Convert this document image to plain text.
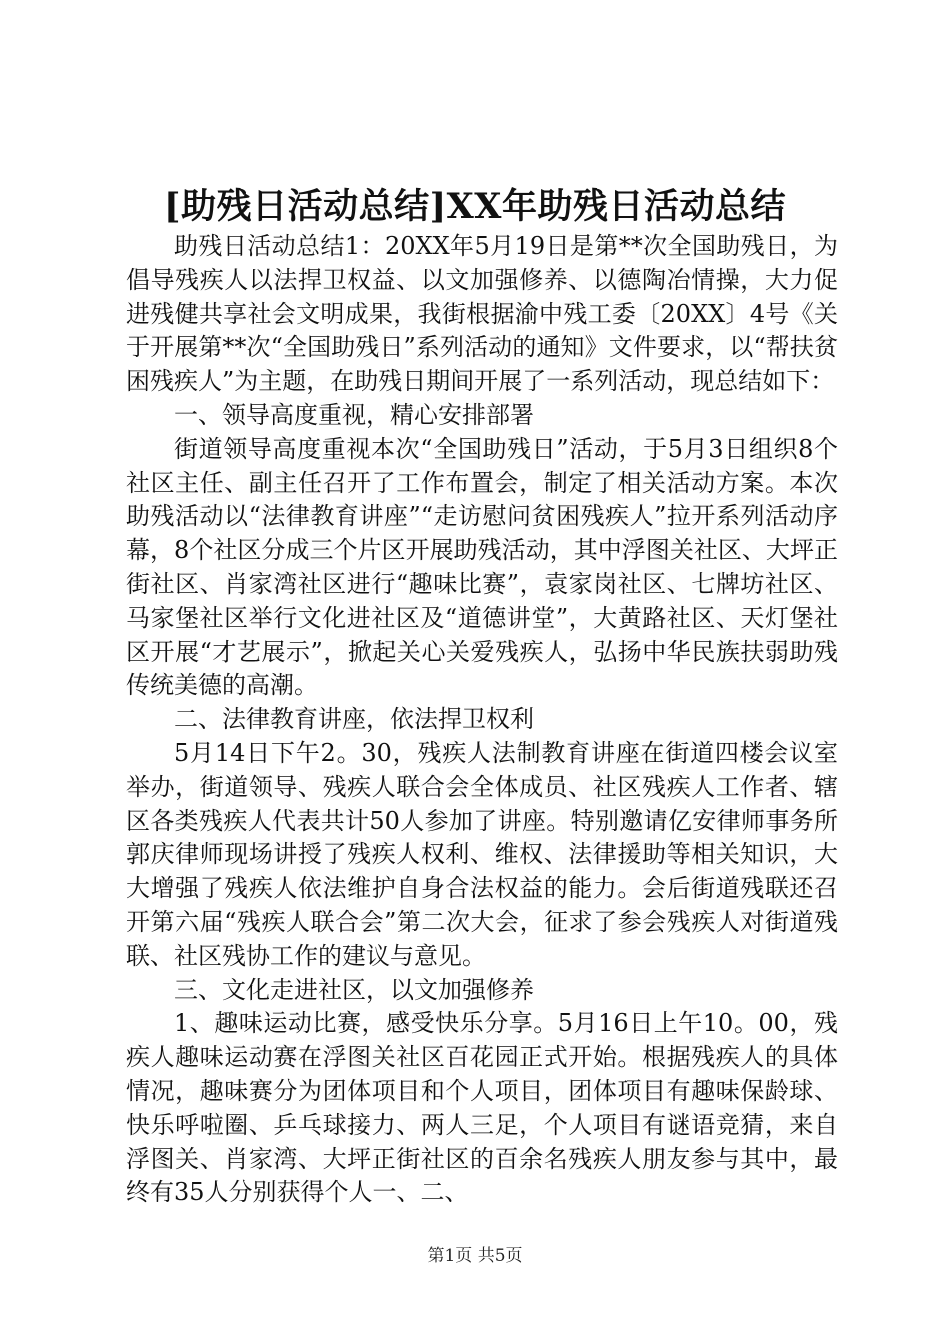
[助残日活动总结]XX年助残日活动总结

助残日活动总结1：20XX年5月19日是第**次全国助残日，为倡导残疾人以法捍卫权益、以文加强修养、以德陶冶情操，大力促进残健共享社会文明成果，我街根据渝中残工委〔20XX〕4号《关于开展第**次“全国助残日”系列活动的通知》文件要求，以“帮扶贫困残疾人”为主题，在助残日期间开展了一系列活动，现总结如下：

一、领导高度重视，精心安排部署

街道领导高度重视本次“全国助残日”活动，于5月3日组织8个社区主任、副主任召开了工作布置会，制定了相关活动方案。本次助残活动以“法律教育讲座”“走访慰问贫困残疾人”拉开系列活动序幕，8个社区分成三个片区开展助残活动，其中浮图关社区、大坪正街社区、肖家湾社区进行“趣味比赛”，袁家岗社区、七牌坊社区、马家堡社区举行文化进社区及“道德讲堂”，大黄路社区、天灯堡社区开展“才艺展示”，掀起关心关爱残疾人，弘扬中华民族扶弱助残传统美德的高潮。

二、法律教育讲座，依法捍卫权利

5月14日下午2。30，残疾人法制教育讲座在街道四楼会议室举办，街道领导、残疾人联合会全体成员、社区残疾人工作者、辖区各类残疾人代表共计50人参加了讲座。特别邀请亿安律师事务所郭庆律师现场讲授了残疾人权利、维权、法律援助等相关知识，大大增强了残疾人依法维护自身合法权益的能力。会后街道残联还召开第六届“残疾人联合会”第二次大会，征求了参会残疾人对街道残联、社区残协工作的建议与意见。

三、文化走进社区，以文加强修养

1、趣味运动比赛，感受快乐分享。5月16日上午10。00，残疾人趣味运动赛在浮图关社区百花园正式开始。根据残疾人的具体情况，趣味赛分为团体项目和个人项目，团体项目有趣味保龄球、快乐呼啦圈、乒乓球接力、两人三足，个人项目有谜语竞猜，来自浮图关、肖家湾、大坪正街社区的百余名残疾人朋友参与其中，最终有35人分别获得个人一、二、

第1页 共5页
